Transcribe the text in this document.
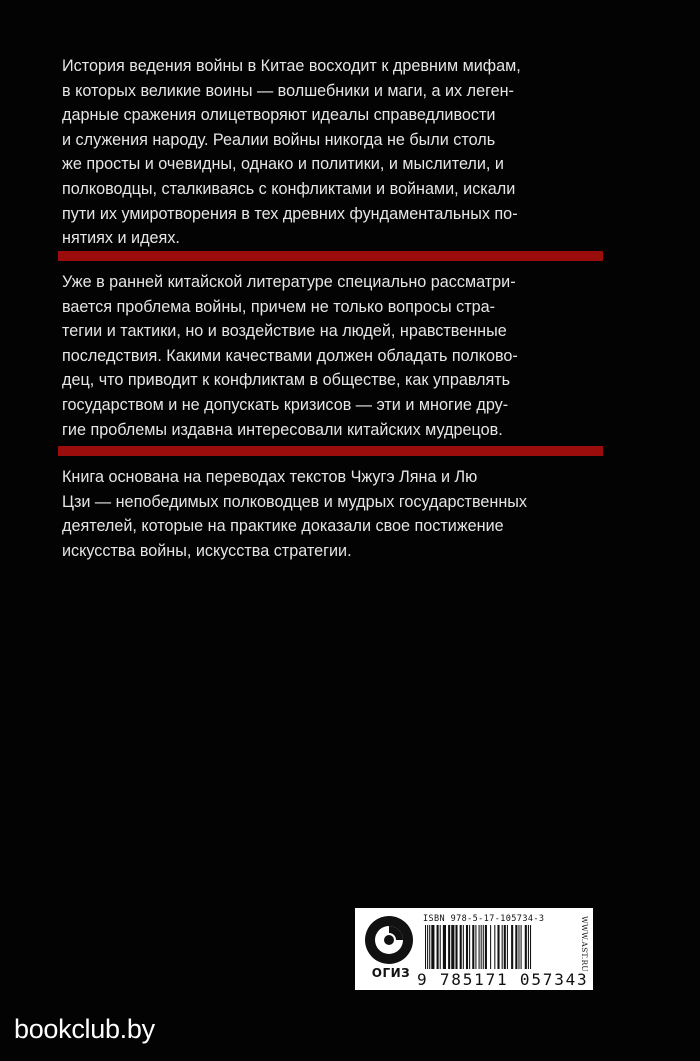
История ведения войны в Китае восходит к древним мифам,
в которых великие воины — волшебники и маги, а их леген-
дарные сражения олицетворяют идеалы справедливости
и служения народу. Реалии войны никогда не были столь
же просты и очевидны, однако и политики, и мыслители, и
полководцы, сталкиваясь с конфликтами и войнами, искали
пути их умиротворения в тех древних фундаментальных по-
нятиях и идеях.

Уже в ранней китайской литературе специально рассматри-
вается проблема войны, причем не только вопросы стра-
тегии и тактики, но и воздействие на людей, нравственные
последствия. Какими качествами должен обладать полково-
дец, что приводит к конфликтам в обществе, как управлять
государством и не допускать кризисов — эти и многие дру-
гие проблемы издавна интересовали китайских мудрецов.

Книга основана на переводах текстов Чжугэ Ляна и Лю
Цзи — непобедимых полководцев и мудрых государственных
деятелей, которые на практике доказали свое постижение
искусства войны, искусства стратегии.

ОГИЗ
ISBN 978-5-17-105734-3
9 785171 057343
WWW.AST.RU
bookclub.by
